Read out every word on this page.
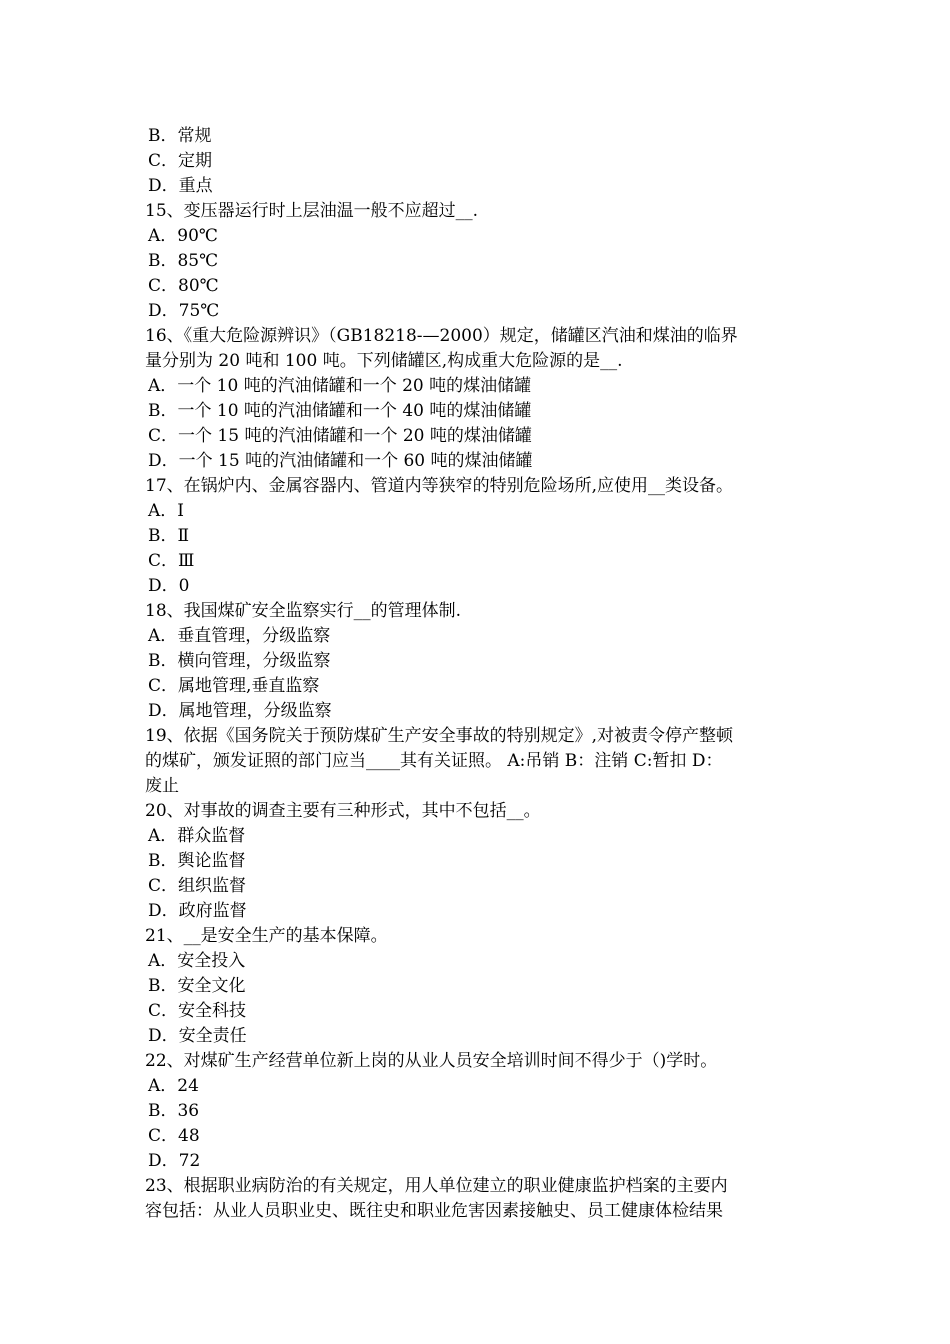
B．常规
C．定期
D．重点
15、变压器运行时上层油温一般不应超过__.
A．90℃
B．85℃
C．80℃
D．75℃
16、《重大危险源辨识》（GB18218-—2000）规定，储罐区汽油和煤油的临界
量分别为 20 吨和 100 吨。下列储罐区,构成重大危险源的是__.
A．一个 10 吨的汽油储罐和一个 20 吨的煤油储罐
B．一个 10 吨的汽油储罐和一个 40 吨的煤油储罐
C．一个 15 吨的汽油储罐和一个 20 吨的煤油储罐
D．一个 15 吨的汽油储罐和一个 60 吨的煤油储罐
17、在锅炉内、金属容器内、管道内等狭窄的特别危险场所,应使用__类设备。
A．Ⅰ
B．Ⅱ
C．Ⅲ
D．0
18、我国煤矿安全监察实行__的管理体制.
A．垂直管理，分级监察
B．横向管理，分级监察
C．属地管理,垂直监察
D．属地管理，分级监察
19、依据《国务院关于预防煤矿生产安全事故的特别规定》,对被责令停产整顿
的煤矿，颁发证照的部门应当____其有关证照。 A:吊销 B：注销 C:暂扣 D：
废止
20、对事故的调查主要有三种形式，其中不包括__。
A．群众监督
B．舆论监督
C．组织监督
D．政府监督
21、__是安全生产的基本保障。
A．安全投入
B．安全文化
C．安全科技
D．安全责任
22、对煤矿生产经营单位新上岗的从业人员安全培训时间不得少于（)学时。
A．24
B．36
C．48
D．72
23、根据职业病防治的有关规定，用人单位建立的职业健康监护档案的主要内
容包括：从业人员职业史、既往史和职业危害因素接触史、员工健康体检结果
